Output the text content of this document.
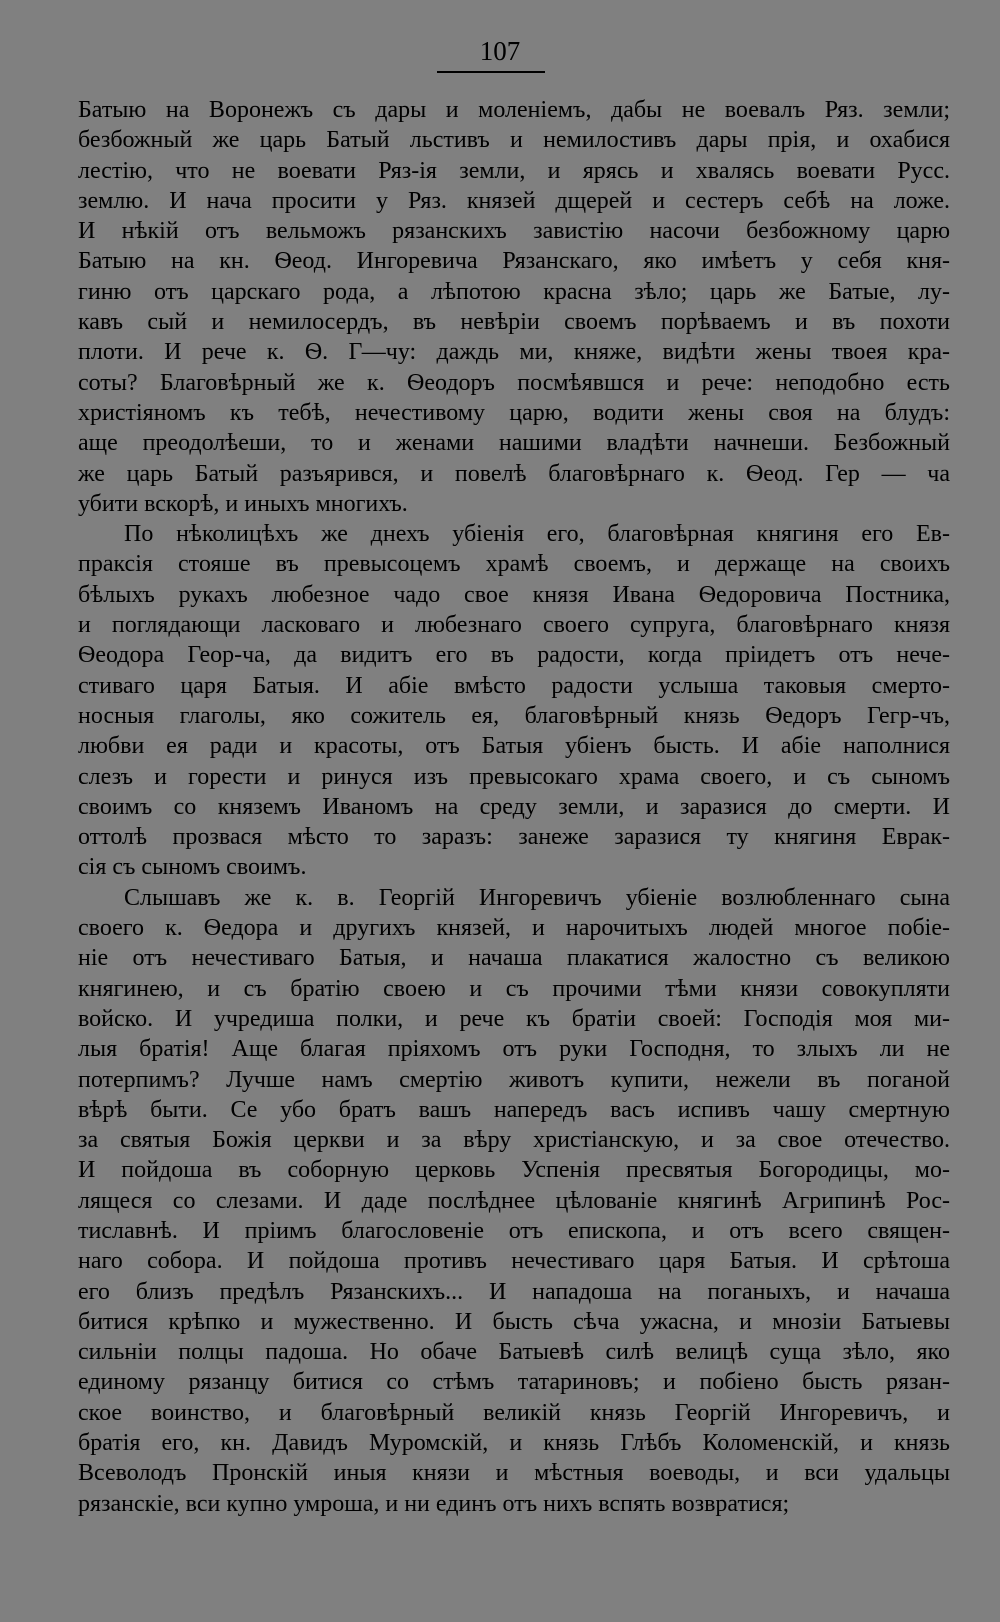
107
Батыю на Воронежъ съ дары и моленіемъ, дабы не воевалъ Ряз. земли;
безбожный же царь Батый льстивъ и немилостивъ дары прія, и охабися
лестію, что не воевати Ряз-ія земли, и ярясь и хвалясь воевати Русс.
землю. И нача просити у Ряз. князей дщерей и сестеръ себѣ на ложе.
И нѣкій отъ вельможъ рязанскихъ завистію насочи безбожному царю
Батыю на кн. Ѳеод. Ингоревича Рязанскаго, яко имѣетъ у себя кня-
гиню отъ царскаго рода, а лѣпотою красна зѣло; царь же Батые, лу-
кавъ сый и немилосердъ, въ невѣріи своемъ порѣваемъ и въ похоти
плоти. И рече к. Ѳ. Г—чу: даждь ми, княже, видѣти жены твоея кра-
соты? Благовѣрный же к. Ѳеодоръ посмѣявшся и рече: неподобно есть
христіяномъ къ тебѣ, нечестивому царю, водити жены своя на блудъ:
аще преодолѣеши, то и женами нашими владѣти начнеши. Безбожный
же царь Батый разъярився, и повелѣ благовѣрнаго к. Ѳеод. Гер — ча
убити вскорѣ, и иныхъ многихъ.
По нѣколицѣхъ же днехъ убіенія его, благовѣрная княгиня его Ев-
праксія стояше въ превысоцемъ храмѣ своемъ, и держаще на своихъ
бѣлыхъ рукахъ любезное чадо свое князя Ивана Ѳедоровича Постника,
и поглядающи ласковаго и любезнаго своего супруга, благовѣрнаго князя
Ѳеодора Геор-ча, да видитъ его въ радости, когда пріидетъ отъ нече-
стиваго царя Батыя. И абіе вмѣсто радости услыша таковыя смерто-
носныя глаголы, яко сожитель ея, благовѣрный князь Ѳедоръ Гегр-чъ,
любви ея ради и красоты, отъ Батыя убіенъ бысть. И абіе наполнися
слезъ и горести и ринуся изъ превысокаго храма своего, и съ сыномъ
своимъ со княземъ Иваномъ на среду земли, и заразися до смерти. И
оттолѣ прозвася мѣсто то заразъ: занеже заразися ту княгиня Еврак-
сія съ сыномъ своимъ.
Слышавъ же к. в. Георгій Ингоревичъ убіеніе возлюбленнаго сына
своего к. Ѳедора и другихъ князей, и нарочитыхъ людей многое побіе-
ніе отъ нечестиваго Батыя, и начаша плакатися жалостно съ великою
княгинею, и съ братію своею и съ прочими тѣми князи совокупляти
войско. И учредиша полки, и рече къ братіи своей: Господія моя ми-
лыя братія! Аще благая пріяхомъ отъ руки Господня, то злыхъ ли не
потерпимъ? Лучше намъ смертію животъ купити, нежели въ поганой
вѣрѣ быти. Се убо братъ вашъ напередъ васъ испивъ чашу смертную
за святыя Божія церкви и за вѣру христіанскую, и за свое отечество.
И пойдоша въ соборную церковь Успенія пресвятыя Богородицы, мо-
лящеся со слезами. И даде послѣднее цѣлованіе княгинѣ Агрипинѣ Рос-
тиславнѣ. И пріимъ благословеніе отъ епископа, и отъ всего священ-
наго собора. И пойдоша противъ нечестиваго царя Батыя. И срѣтоша
его близъ предѣлъ Рязанскихъ... И нападоша на поганыхъ, и начаша
битися крѣпко и мужественно. И бысть сѣча ужасна, и мнозіи Батыевы
сильніи полцы падоша. Но обаче Батыевѣ силѣ велицѣ суща зѣло, яко
единому рязанцу битися со стѣмъ татариновъ; и побіено бысть рязан-
ское воинство, и благовѣрный великій князь Георгій Ингоревичъ, и
братія его, кн. Давидъ Муромскій, и князь Глѣбъ Коломенскій, и князь
Всеволодъ Пронскій иныя князи и мѣстныя воеводы, и вси удальцы
рязанскіе, вси купно умроша, и ни единъ отъ нихъ вспять возвратися;
